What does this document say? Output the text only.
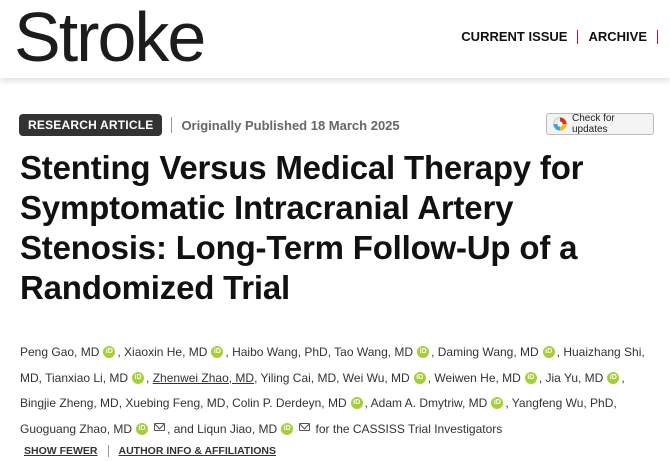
Stroke	CURRENT ISSUE ARCHIVE
RESEARCH ARTICLE	Originally Published 18 March 2025	Check for updates
Stenting Versus Medical Therapy for Symptomatic Intracranial Artery Stenosis: Long-Term Follow-Up of a Randomized Trial
Peng Gao, MD iD , Xiaoxin He, MD iD , Haibo Wang, PhD, Tao Wang, MD iD , Daming Wang, MD iD , Huaizhang Shi, MD, Tianxiao Li, MD iD , Zhenwei Zhao, MD, Yiling Cai, MD, Wei Wu, MD iD , Weiwen He, MD iD , Jia Yu, MD iD , Bingjie Zheng, MD, Xuebing Feng, MD, Colin P. Derdeyn, MD iD , Adam A. Dmytriw, MD iD , Yangfeng Wu, PhD, Guoguang Zhao, MD iD , and Liqun Jiao, MD iD for the CASSISS Trial Investigators
SHOW FEWER AUTHOR INFO & AFFILIATIONS
